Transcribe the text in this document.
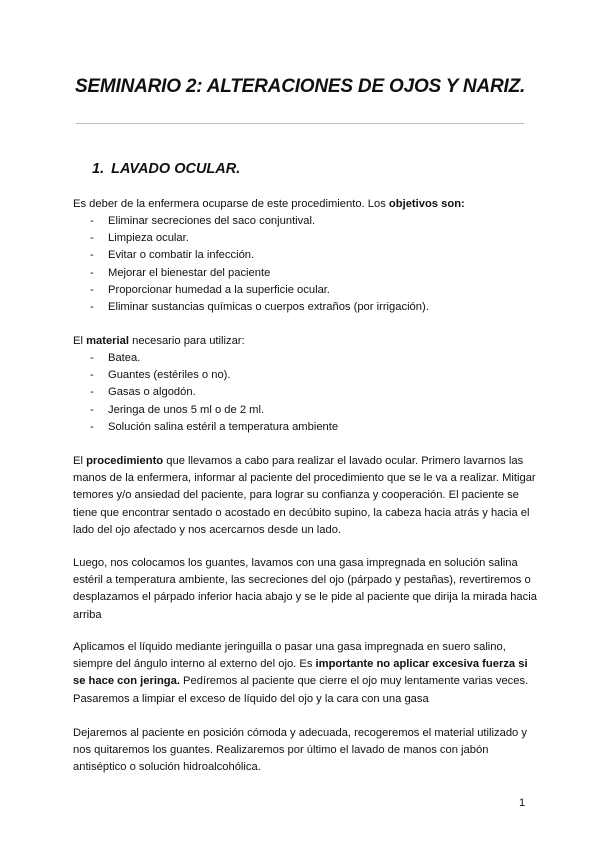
SEMINARIO 2: ALTERACIONES DE OJOS Y NARIZ.
1. LAVADO OCULAR.
Es deber de la enfermera ocuparse de este procedimiento. Los objetivos son:
- Eliminar secreciones del saco conjuntival.
- Limpieza ocular.
- Evitar o combatir la infección.
- Mejorar el bienestar del paciente
- Proporcionar humedad a la superficie ocular.
- Eliminar sustancias químicas o cuerpos extraños (por irrigación).
El material necesario para utilizar:
- Batea.
- Guantes (estériles o no).
- Gasas o algodón.
- Jeringa de unos 5 ml o de 2 ml.
- Solución salina estéril a temperatura ambiente
El procedimiento que llevamos a cabo para realizar el lavado ocular. Primero lavarnos las manos de la enfermera, informar al paciente del procedimiento que se le va a realizar. Mitigar temores y/o ansiedad del paciente, para lograr su confianza y cooperación. El paciente se tiene que encontrar sentado o acostado en decúbito supino, la cabeza hacia atrás y hacia el lado del ojo afectado y nos acercarnos desde un lado.
Luego, nos colocamos los guantes, lavamos con una gasa impregnada en solución salina estéril a temperatura ambiente, las secreciones del ojo (párpado y pestañas), revertiremos o desplazamos el párpado inferior hacia abajo y se le pide al paciente que dirija la mirada hacia arriba
Aplicamos el líquido mediante jeringuilla o pasar una gasa impregnada en suero salino, siempre del ángulo interno al externo del ojo. Es importante no aplicar excesiva fuerza si se hace con jeringa. Pedíremos al paciente que cierre el ojo muy lentamente varias veces. Pasaremos a limpiar el exceso de líquido del ojo y la cara con una gasa
Dejaremos al paciente en posición cómoda y adecuada, recogeremos el material utilizado y nos quitaremos los guantes. Realizaremos por último el lavado de manos con jabón antiséptico o solución hidroalcohólica.
1
